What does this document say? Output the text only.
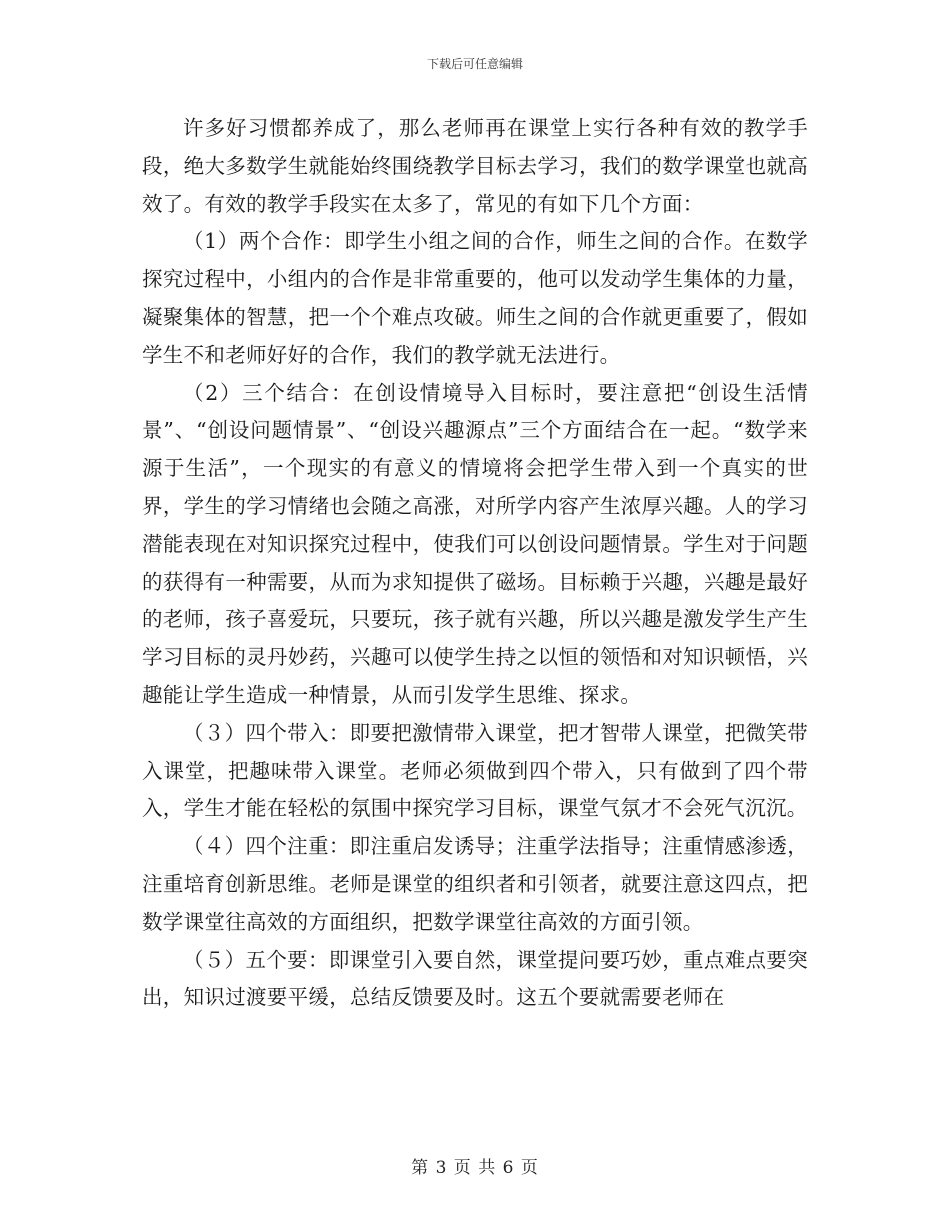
下载后可任意编辑

许多好习惯都养成了，那么老师再在课堂上实行各种有效的教学手段，绝大多数学生就能始终围绕教学目标去学习，我们的数学课堂也就高效了。有效的教学手段实在太多了，常见的有如下几个方面：

（1）两个合作：即学生小组之间的合作，师生之间的合作。在数学探究过程中，小组内的合作是非常重要的，他可以发动学生集体的力量，凝聚集体的智慧，把一个个难点攻破。师生之间的合作就更重要了，假如学生不和老师好好的合作，我们的教学就无法进行。

（2）三个结合：在创设情境导入目标时，要注意把“创设生活情景”、“创设问题情景”、“创设兴趣源点”三个方面结合在一起。“数学来源于生活”，一个现实的有意义的情境将会把学生带入到一个真实的世界，学生的学习情绪也会随之高涨，对所学内容产生浓厚兴趣。人的学习潜能表现在对知识探究过程中，使我们可以创设问题情景。学生对于问题的获得有一种需要，从而为求知提供了磁场。目标赖于兴趣，兴趣是最好的老师，孩子喜爱玩，只要玩，孩子就有兴趣，所以兴趣是激发学生产生学习目标的灵丹妙药，兴趣可以使学生持之以恒的领悟和对知识顿悟，兴趣能让学生造成一种情景，从而引发学生思维、探求。

（３）四个带入：即要把激情带入课堂，把才智带人课堂，把微笑带入课堂，把趣味带入课堂。老师必须做到四个带入，只有做到了四个带入，学生才能在轻松的氛围中探究学习目标，课堂气氛才不会死气沉沉。

（４）四个注重：即注重启发诱导；注重学法指导；注重情感渗透，注重培育创新思维。老师是课堂的组织者和引领者，就要注意这四点，把数学课堂往高效的方面组织，把数学课堂往高效的方面引领。

（５）五个要：即课堂引入要自然，课堂提问要巧妙，重点难点要突出，知识过渡要平缓，总结反馈要及时。这五个要就需要老师在

第 3 页 共 6 页
